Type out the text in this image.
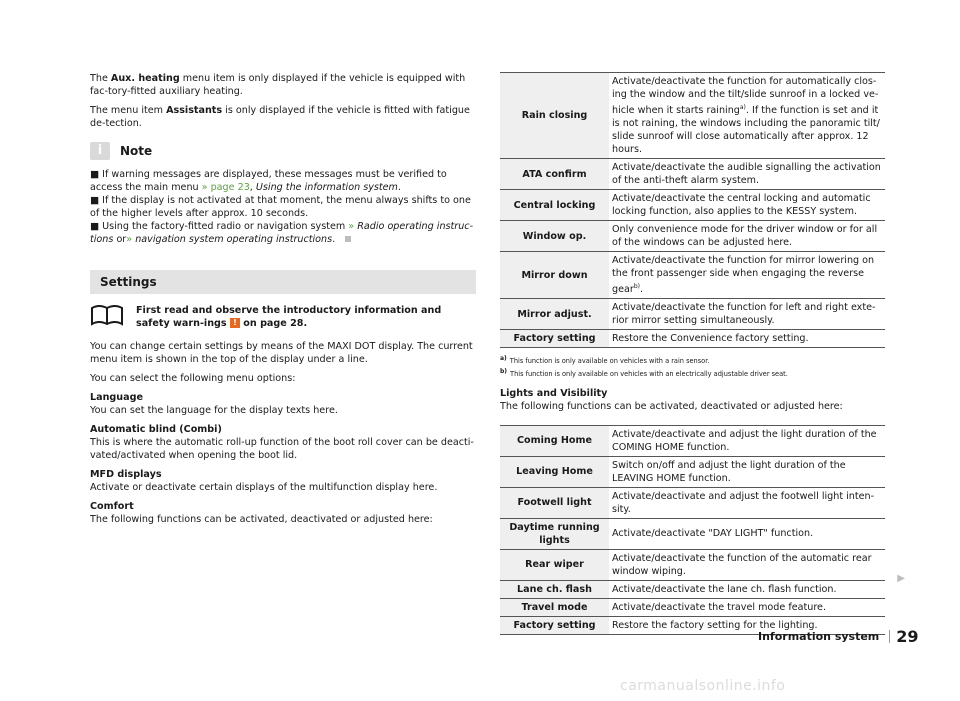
The Aux. heating menu item is only displayed if the vehicle is equipped with fac-tory-fitted auxiliary heating.

The menu item Assistants is only displayed if the vehicle is fitted with fatigue de-tection.

i	Note

■ If warning messages are displayed, these messages must be verified to access the main menu » page 23, Using the information system.

■ If the display is not activated at that moment, the menu always shifts to one of the higher levels after approx. 10 seconds.

■ Using the factory-fitted radio or navigation system » Radio operating instruc-tions or» navigation system operating instructions.

Settings
First read and observe the introductory information and safety warn-ings ! on page 28.

You can change certain settings by means of the MAXI DOT display. The current menu item is shown in the top of the display under a line.

You can select the following menu options:

Language

You can set the language for the display texts here.

Automatic blind (Combi)

This is where the automatic roll-up function of the boot roll cover can be deacti-vated/activated when opening the boot lid.

MFD displays

Activate or deactivate certain displays of the multifunction display here.

Comfort

The following functions can be activated, deactivated or adjusted here:

Rain closing	Activate/deactivate the function for automatically clos-ing the window and the tilt/slide sunroof in a locked ve-hicle when it starts raining$^{a)}$. If the function is set and it is not raining, the windows including the panoramic tilt/ slide sunroof will close automatically after approx. 12 hours.
ATA confirm	Activate/deactivate the audible signalling the activation of the anti-theft alarm system.
Central locking	Activate/deactivate the central locking and automatic locking function, also applies to the KESSY system.
Window op.	Only convenience mode for the driver window or for all of the windows can be adjusted here.
Mirror down	Activate/deactivate the function for mirror lowering on the front passenger side when engaging the reverse gear$^{b)}$.
Mirror adjust.	Activate/deactivate the function for left and right exte-rior mirror setting simultaneously.
Factory setting	Restore the Convenience factory setting.
$^{a)}$ This function is only available on vehicles with a rain sensor.
$^{b)}$ This function is only available on vehicles with an electrically adjustable driver seat.

Lights and Visibility

The following functions can be activated, deactivated or adjusted here:

Coming Home	Activate/deactivate and adjust the light duration of the COMING HOME function.
Leaving Home	Switch on/off and adjust the light duration of the LEAVING HOME function.
Footwell light	Activate/deactivate and adjust the footwell light inten-sity.
Daytime running lights	Activate/deactivate "DAY LIGHT" function.
Rear wiper	Activate/deactivate the function of the automatic rear window wiping.
Lane ch. flash	Activate/deactivate the lane ch. flash function.
Travel mode	Activate/deactivate the travel mode feature.
Factory setting	Restore the factory setting for the lighting.
▶
Information system	29
carmanualsonline.info
